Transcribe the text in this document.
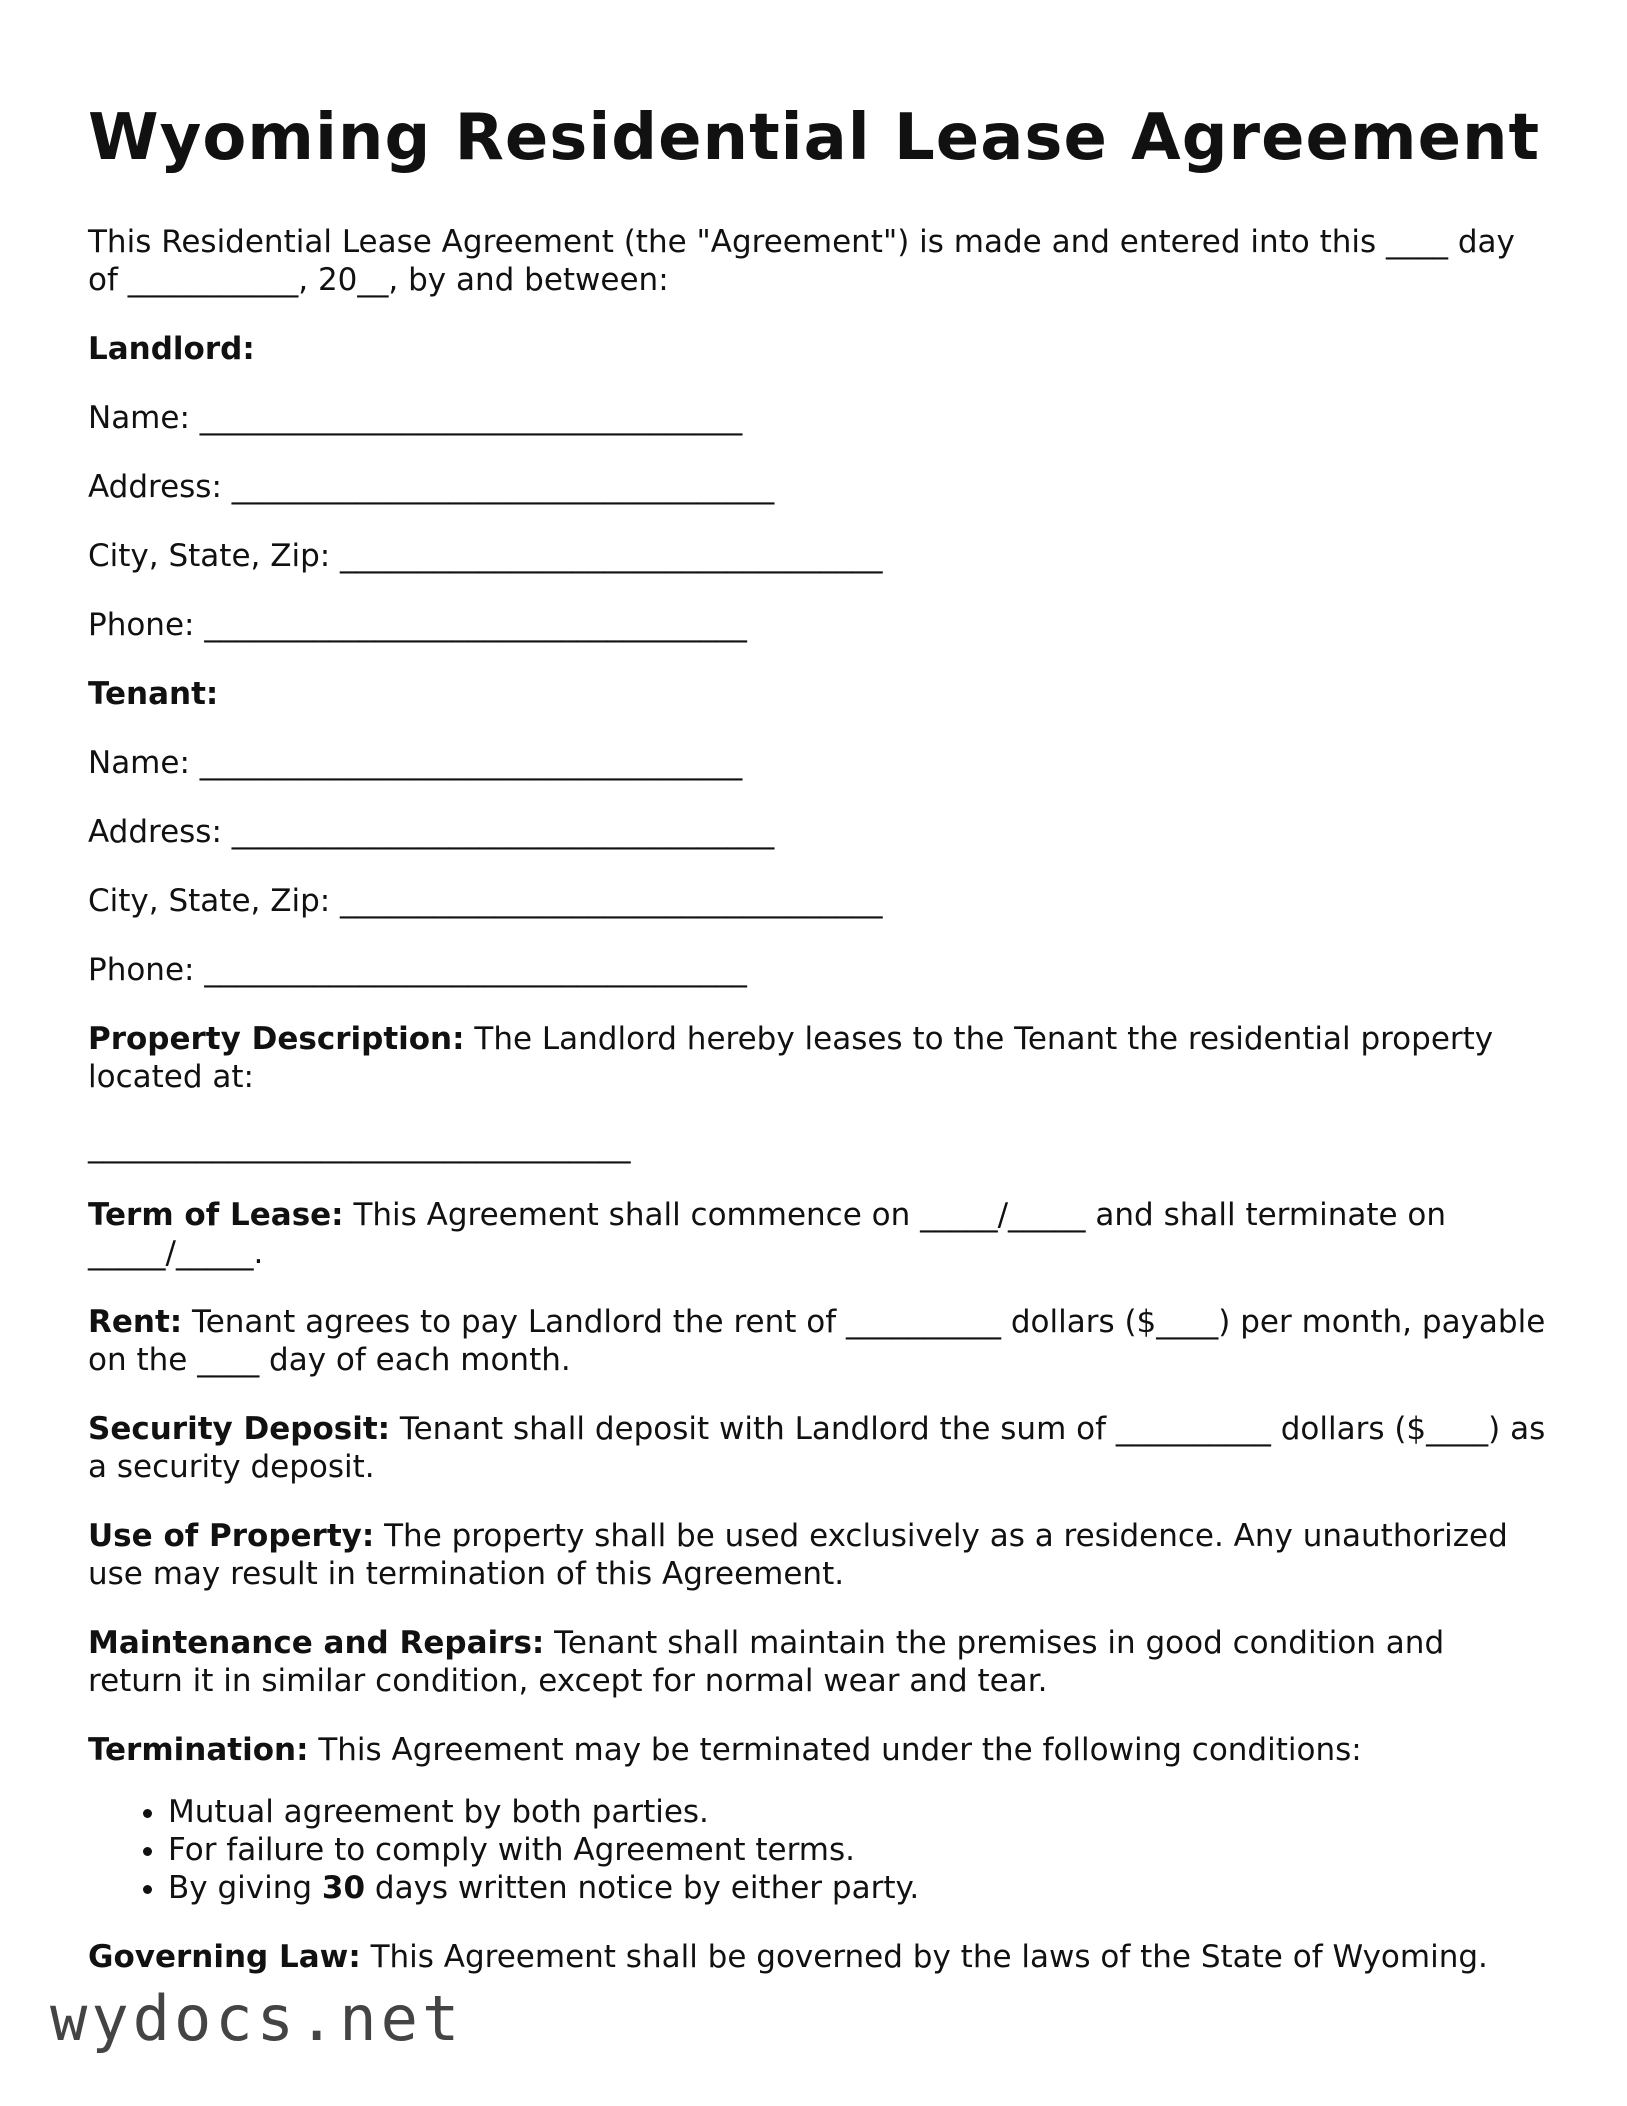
Wyoming Residential Lease Agreement

This Residential Lease Agreement (the "Agreement") is made and entered into this ____ day of ___________, 20__, by and between:

Landlord:

Name: ___________________________________

Address: ___________________________________

City, State, Zip: ___________________________________

Phone: ___________________________________

Tenant:

Name: ___________________________________

Address: ___________________________________

City, State, Zip: ___________________________________

Phone: ___________________________________

Property Description: The Landlord hereby leases to the Tenant the residential property located at:

___________________________________

Term of Lease: This Agreement shall commence on _____/_____ and shall terminate on _____/_____.

Rent: Tenant agrees to pay Landlord the rent of __________ dollars ($____) per month, payable on the ____ day of each month.

Security Deposit: Tenant shall deposit with Landlord the sum of __________ dollars ($____) as a security deposit.

Use of Property: The property shall be used exclusively as a residence. Any unauthorized use may result in termination of this Agreement.

Maintenance and Repairs: Tenant shall maintain the premises in good condition and return it in similar condition, except for normal wear and tear.

Termination: This Agreement may be terminated under the following conditions:

• Mutual agreement by both parties.
• For failure to comply with Agreement terms.
• By giving 30 days written notice by either party.

Governing Law: This Agreement shall be governed by the laws of the State of Wyoming.

wydocs.net
